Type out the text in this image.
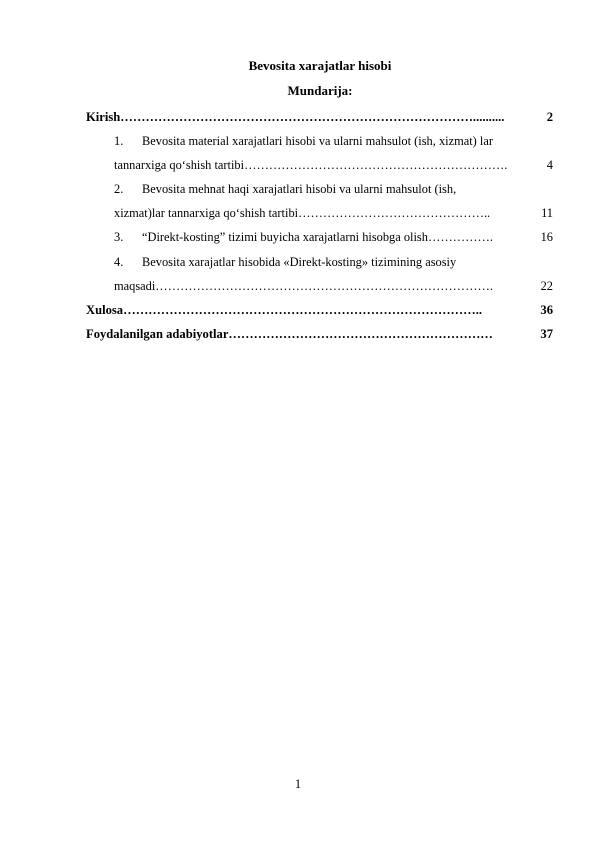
Bevosita xarajatlar hisobi
Mundarija:
Kirish …………………………………………………………………………..........	2
1. Bevosita material xarajatlari hisobi va ularni mahsulot (ish, xizmat) lar
tannarxiga qo‘shish tartibi ……………………………………………………….	4
2. Bevosita mehnat haqi xarajatlari hisobi va ularni mahsulot (ish,
xizmat)lar tannarxiga qo‘shish tartibi ………………………………………..	11
3.	“Direkt-kosting” tizimi buyicha xarajatlarni hisobga olish …………….	16
4. Bevosita xarajatlar hisobida «Direkt-kosting» tizimining asosiy
maqsadi ……………………………………………………………………….	22
Xulosa …………………………………………………………………………..	36
Foydalanilgan adabiyotlar ………………………………………………………	37
1
